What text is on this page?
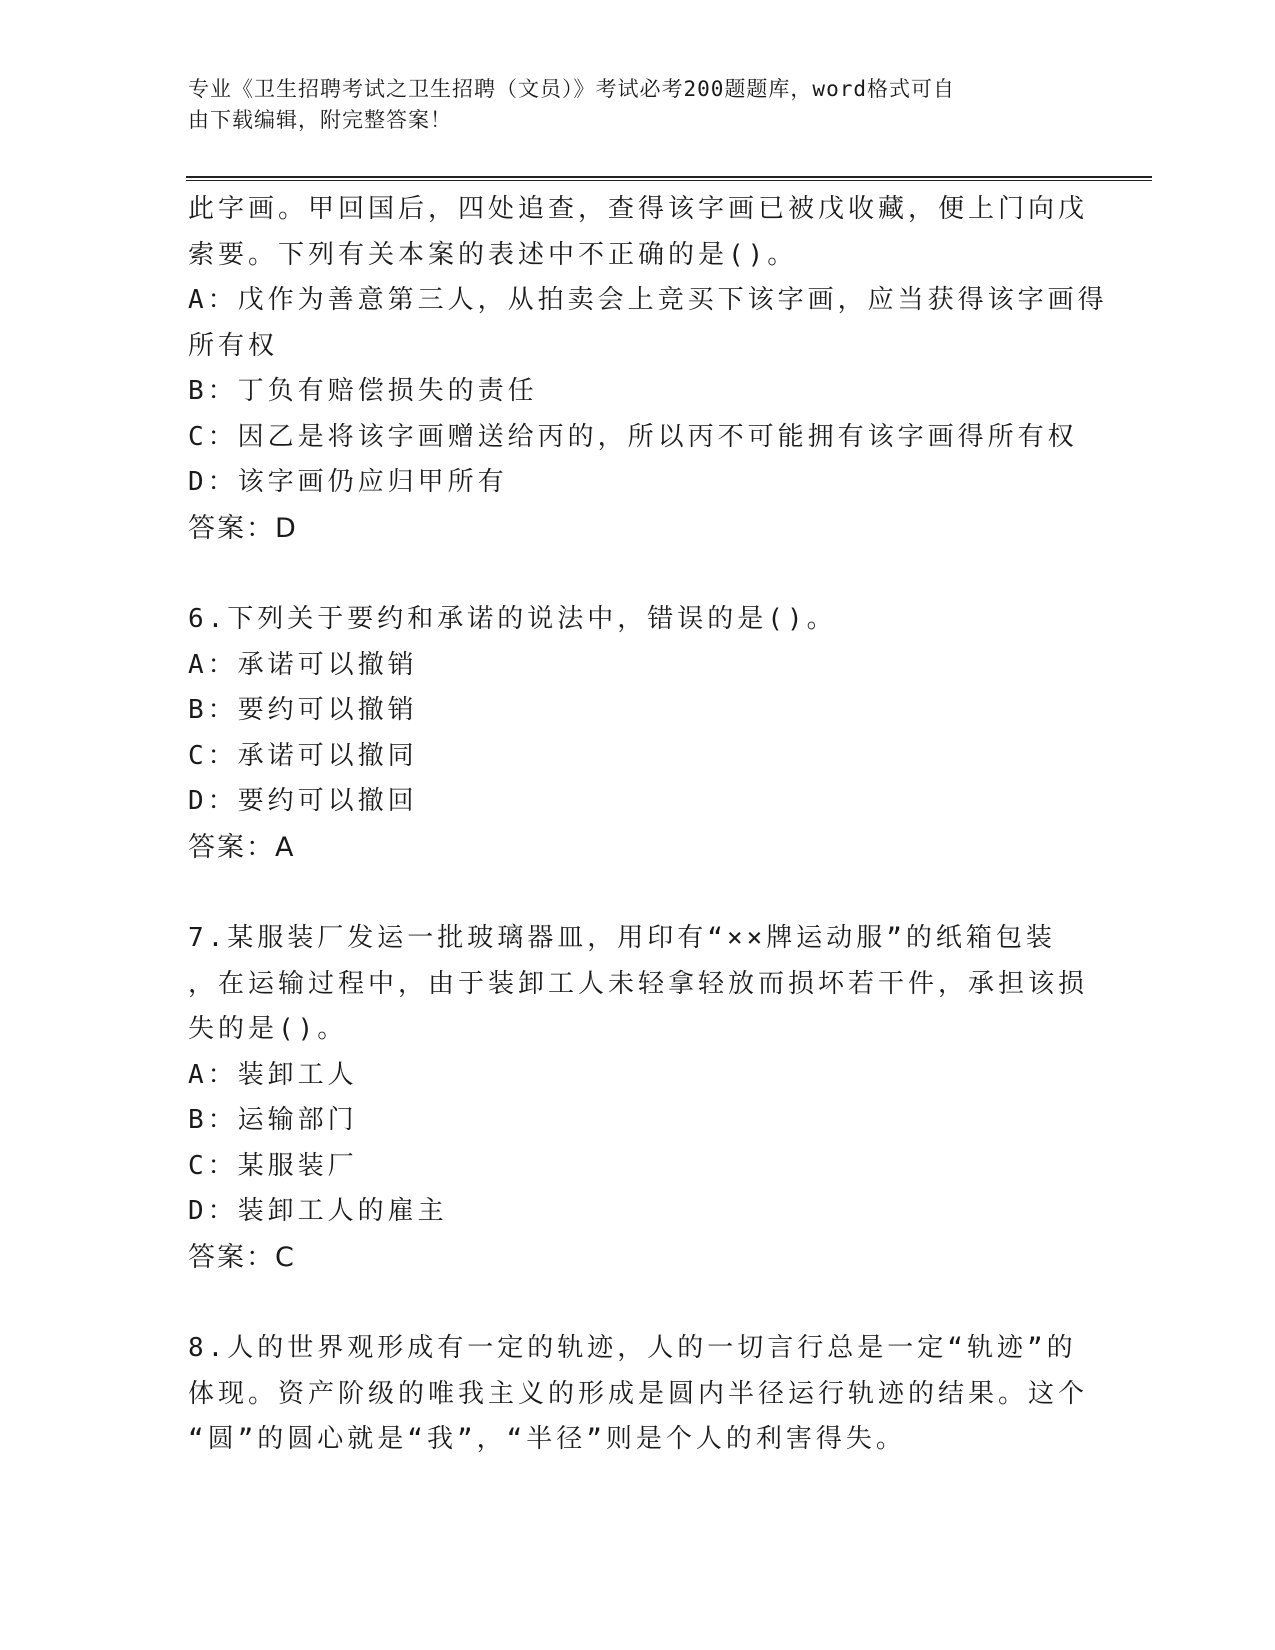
专业《卫生招聘考试之卫生招聘（文员）》考试必考200题题库，word格式可自
由下载编辑，附完整答案！
此字画。甲回国后，四处追查，查得该字画已被戊收藏，便上门向戊
索要。下列有关本案的表述中不正确的是()。
A：戊作为善意第三人，从拍卖会上竞买下该字画，应当获得该字画得
所有权
B：丁负有赔偿损失的责任
C：因乙是将该字画赠送给丙的，所以丙不可能拥有该字画得所有权
D：该字画仍应归甲所有
答案：D
6.下列关于要约和承诺的说法中，错误的是()。
A：承诺可以撤销
B：要约可以撤销
C：承诺可以撤同
D：要约可以撤回
答案：A
7.某服装厂发运一批玻璃器皿，用印有“××牌运动服”的纸箱包装
，在运输过程中，由于装卸工人未轻拿轻放而损坏若干件，承担该损
失的是()。
A：装卸工人
B：运输部门
C：某服装厂
D：装卸工人的雇主
答案：C
8.人的世界观形成有一定的轨迹，人的一切言行总是一定“轨迹”的
体现。资产阶级的唯我主义的形成是圆内半径运行轨迹的结果。这个
“圆”的圆心就是“我”，“半径”则是个人的利害得失。
